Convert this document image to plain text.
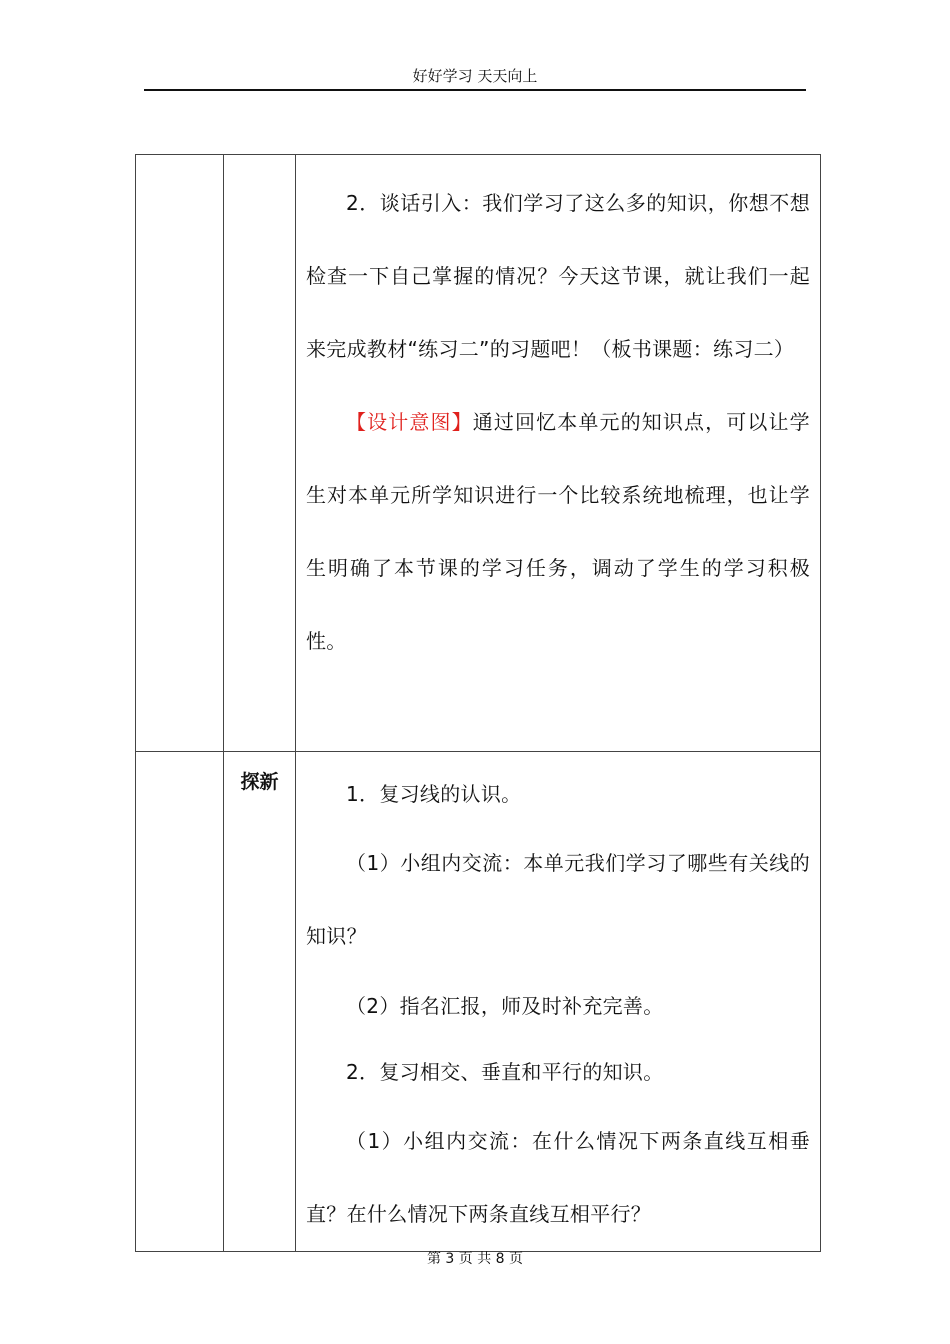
好好学习 天天向上

		2．谈话引入：我们学习了这么多的知识，你想不想检查一下自己掌握的情况？今天这节课，就让我们一起来完成教材“练习二”的习题吧！（板书课题：练习二）

【设计意图】通过回忆本单元的知识点，可以让学生对本单元所学知识进行一个比较系统地梳理，也让学生明确了本节课的学习任务，调动了学生的学习积极性。

	探新	1．复习线的认识。

（1）小组内交流：本单元我们学习了哪些有关线的知识？

（2）指名汇报，师及时补充完善。

2．复习相交、垂直和平行的知识。

（1）小组内交流：在什么情况下两条直线互相垂直？在什么情况下两条直线互相平行？

第 3 页 共 8 页
